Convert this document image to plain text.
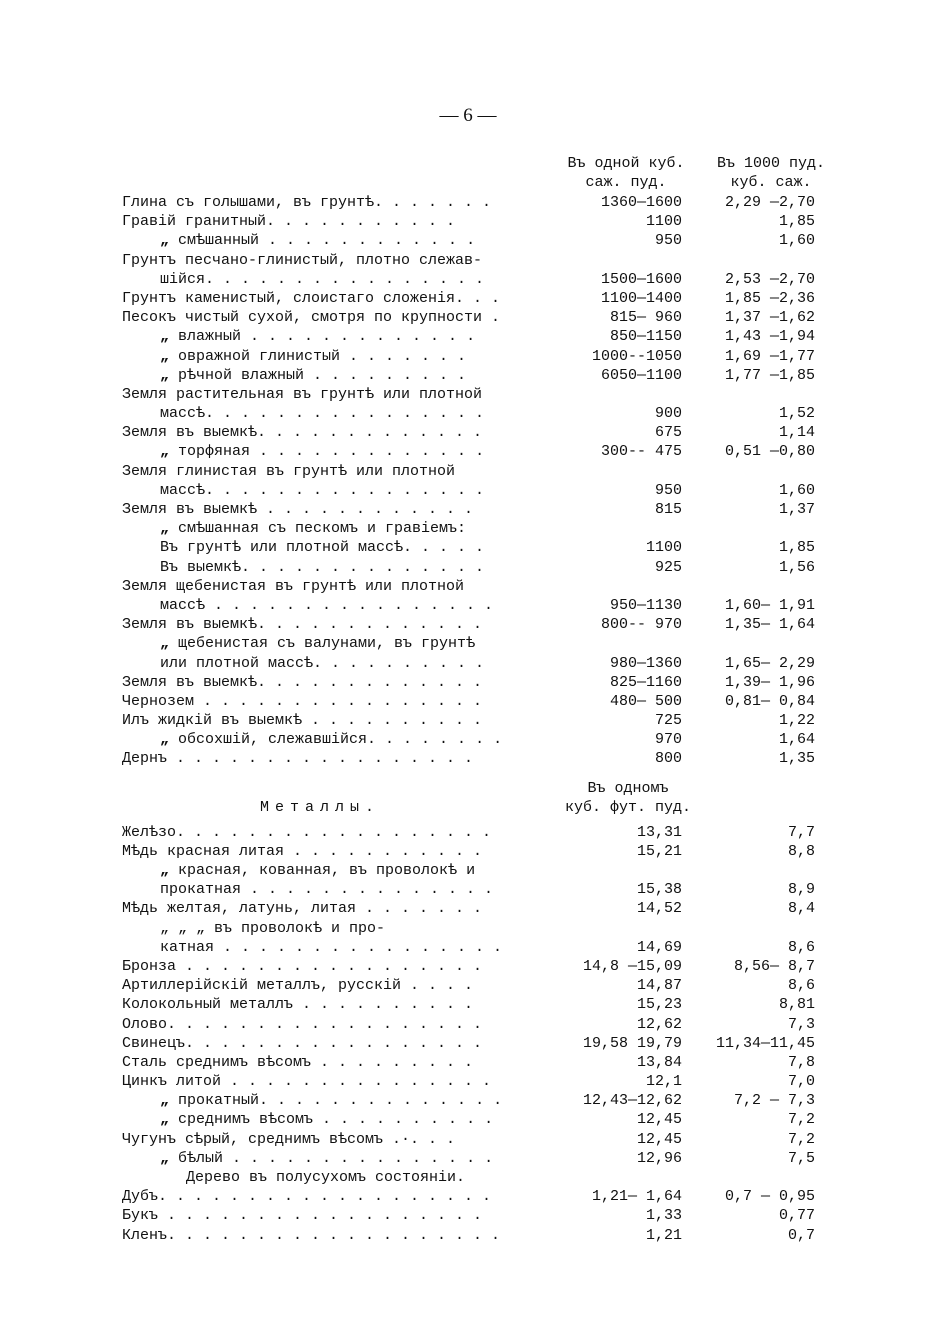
— 6 —
Въ одной куб.
саж. пуд.
Въ 1000 пуд.
куб. саж.
Глина съ голышами, въ грунтѣ. . . . . . .	1360—1600	2,29 —2,70
Гравій гранитный. . . . . . . . . . .	1100	1,85
„ смѣшанный . . . . . . . . . . . .	950	1,60
Грунтъ песчано-глинистый, плотно слежав-
шійся. . . . . . . . . . . . . . . .	1500—1600	2,53 —2,70
Грунтъ каменистый, слоистаго сложенія. . .	1100—1400	1,85 —2,36
Песокъ чистый сухой, смотря по крупности .	815— 960	1,37 —1,62
„ влажный . . . . . . . . . . . . .	850—1150	1,43 —1,94
„ овражной глинистый . . . . . . .	1000--1050	1,69 —1,77
„ рѣчной влажный . . . . . . . . .	6050—1100	1,77 —1,85
Земля растительная въ грунтѣ или плотной
массѣ. . . . . . . . . . . . . . . .	900	1,52
Земля въ выемкѣ. . . . . . . . . . . . .	675	1,14
„ торфяная . . . . . . . . . . . . .	300-- 475	0,51 —0,80
Земля глинистая въ грунтѣ или плотной
массѣ. . . . . . . . . . . . . . . .	950	1,60
Земля въ выемкѣ . . . . . . . . . . . .	815	1,37
„ смѣшанная съ пескомъ и гравіемъ:
Въ грунтѣ или плотной массѣ. . . . .	1100	1,85
Въ выемкѣ. . . . . . . . . . . . . .	925	1,56
Земля щебенистая въ грунтѣ или плотной
массѣ . . . . . . . . . . . . . . . .	950—1130	1,60— 1,91
Земля въ выемкѣ. . . . . . . . . . . . .	800-- 970	1,35— 1,64
„ щебенистая съ валунами, въ грунтѣ
или плотной массѣ. . . . . . . . . .	980—1360	1,65— 2,29
Земля въ выемкѣ. . . . . . . . . . . . .	825—1160	1,39— 1,96
Чернозем . . . . . . . . . . . . . . . .	480— 500	0,81— 0,84
Илъ жидкій въ выемкѣ . . . . . . . . . .	725	1,22
„ обсохшій, слежавшійся. . . . . . . .	970	1,64
Дернъ . . . . . . . . . . . . . . . . .	800	1,35
Металлы.
Въ одномъ
куб. фут. пуд.
Желѣзо. . . . . . . . . . . . . . . . . .	13,31	7,7
Мѣдь красная литая . . . . . . . . . . .	15,21	8,8
„ красная, кованная, въ проволокѣ и
прокатная . . . . . . . . . . . . . .	15,38	8,9
Мѣдь желтая, латунь, литая . . . . . . .	14,52	8,4
„ „ „ въ проволокѣ и про-
катная . . . . . . . . . . . . . . . .	14,69	8,6
Бронза . . . . . . . . . . . . . . . . .	14,8 —15,09	8,56— 8,7
Артиллерійскій металлъ, русскій . . . .	14,87	8,6
Колокольный металлъ . . . . . . . . . .	15,23	8,81
Олово. . . . . . . . . . . . . . . . . .	12,62	7,3
Свинецъ. . . . . . . . . . . . . . . . .	19,58 19,79	11,34—11,45
Сталь среднимъ вѣсомъ . . . . . . . . .	13,84	7,8
Цинкъ литой . . . . . . . . . . . . . . .	12,1	7,0
„ прокатный. . . . . . . . . . . . . .	12,43—12,62	7,2 — 7,3
„ среднимъ вѣсомъ . . . . . . . . . .	12,45	7,2
Чугунъ сѣрый, среднимъ вѣсомъ .·. . .	12,45	7,2
„ бѣлый . . . . . . . . . . . . . . .	12,96	7,5
Дерево въ полусухомъ состояніи.
Дубъ. . . . . . . . . . . . . . . . . . .	1,21— 1,64	0,7 — 0,95
Букъ . . . . . . . . . . . . . . . . . .	1,33	0,77
Кленъ. . . . . . . . . . . . . . . . . . .	1,21	0,7
